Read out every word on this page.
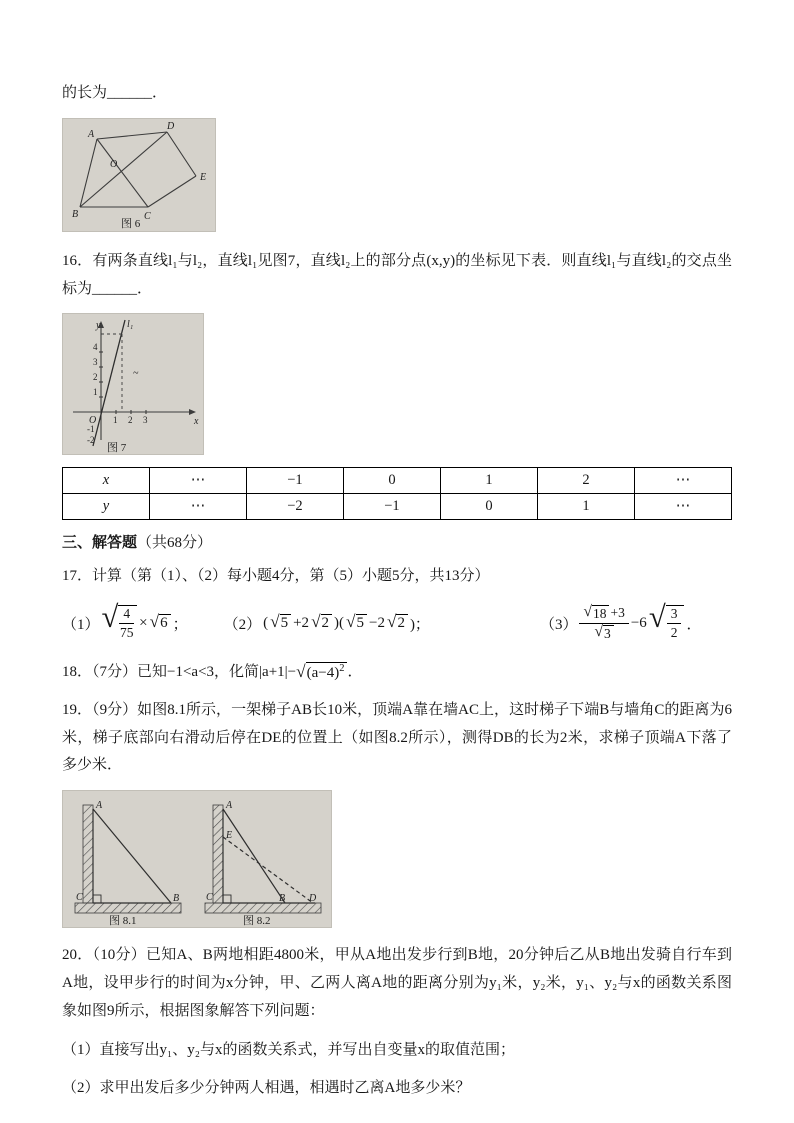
的长为______．

A
D
E
B	C
O
图 6

16．有两条直线l₁与l₂，直线l₁见图7，直线l₂上的部分点(x,y)的坐标见下表．则直线l₁与直线l₂的交点坐标为______．

4
3
2
1
1 2 3
O
-1
-2
y
x
l₁
~
图 7
x	⋯	−1	0	1	2	⋯
y	⋯	−2	−1	0	1	⋯

三、解答题（共68分）

17．计算（第（1）、（2）每小题4分，第（5）小题5分，共13分）

（1） √ $\frac{4}{75}$ × √ 6 ； （2） ( √ 5 +2 √ 2 )( √ 5 −2 √ 2 )；	$(3) \frac{√ 18 +3}{√ 3} -6$ √ $\frac{3}{2}$ ．

18．（7分）已知−1<a<3，化简|a+1|− √ $(a-4)^2$ ．

19．（9分）如图8.1所示，一架梯子AB长10米，顶端A靠在墙AC上，这时梯子下端B与墙角C的距离为6米，梯子底部向右滑动后停在DE的位置上（如图8.2所示），测得DB的长为2米，求梯子顶端A下落了多少米．

A
C	B
图 8.1
A
E
C	B D
图 8.2

20．（10分）已知A、B两地相距4800米，甲从A地出发步行到B地，20分钟后乙从B地出发骑自行车到A地，设甲步行的时间为x分钟，甲、乙两人离A地的距离分别为y₁米，y₂米，y₁、y₂与x的函数关系图象如图9所示，根据图象解答下列问题：

（1）直接写出y₁、y₂与x的函数关系式，并写出自变量x的取值范围；

（2）求甲出发后多少分钟两人相遇，相遇时乙离A地多少米？
